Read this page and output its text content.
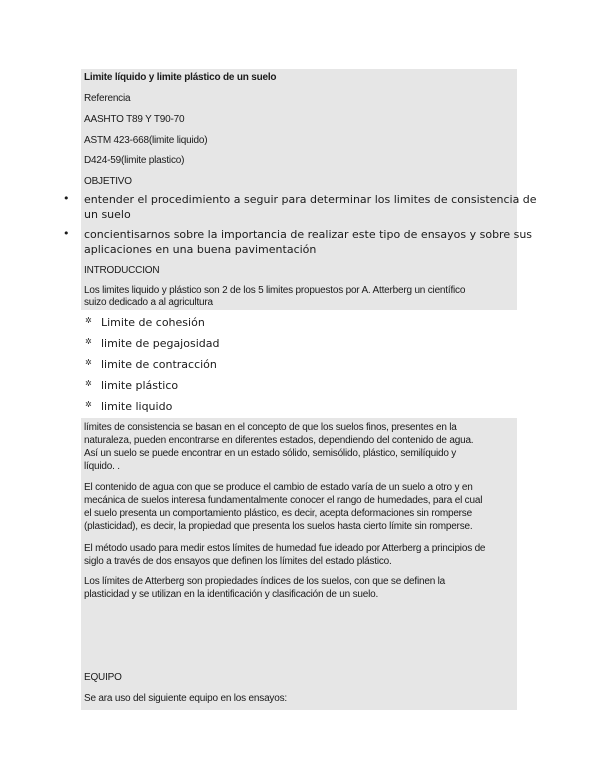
Limite líquido y limite plástico de un suelo
Referencia
AASHTO T89 Y T90-70
ASTM 423-668(limite liquido)
D424-59(limite plastico)
OBJETIVO
• entender el procedimiento a seguir para determinar los limites de consistencia de
un suelo
• concientisarnos sobre la importancia de realizar este tipo de ensayos y sobre sus
aplicaciones en una buena pavimentación
INTRODUCCION
Los limites liquido y plástico son 2 de los 5 limites propuestos por A. Atterberg un científico
suizo dedicado a al agricultura
✲ Limite de cohesión
✲ limite de pegajosidad
✲ limite de contracción
✲ limite plástico
✲ limite liquido
límites de consistencia se basan en el concepto de que los suelos finos, presentes en la
naturaleza, pueden encontrarse en diferentes estados, dependiendo del contenido de agua.
Así un suelo se puede encontrar en un estado sólido, semisólido, plástico, semilíquido y
líquido. .
El contenido de agua con que se produce el cambio de estado varía de un suelo a otro y en
mecánica de suelos interesa fundamentalmente conocer el rango de humedades, para el cual
el suelo presenta un comportamiento plástico, es decir, acepta deformaciones sin romperse
(plasticidad), es decir, la propiedad que presenta los suelos hasta cierto límite sin romperse.
El método usado para medir estos límites de humedad fue ideado por Atterberg a principios de
siglo a través de dos ensayos que definen los límites del estado plástico.
Los límites de Atterberg son propiedades índices de los suelos, con que se definen la
plasticidad y se utilizan en la identificación y clasificación de un suelo.
EQUIPO
Se ara uso del siguiente equipo en los ensayos:
